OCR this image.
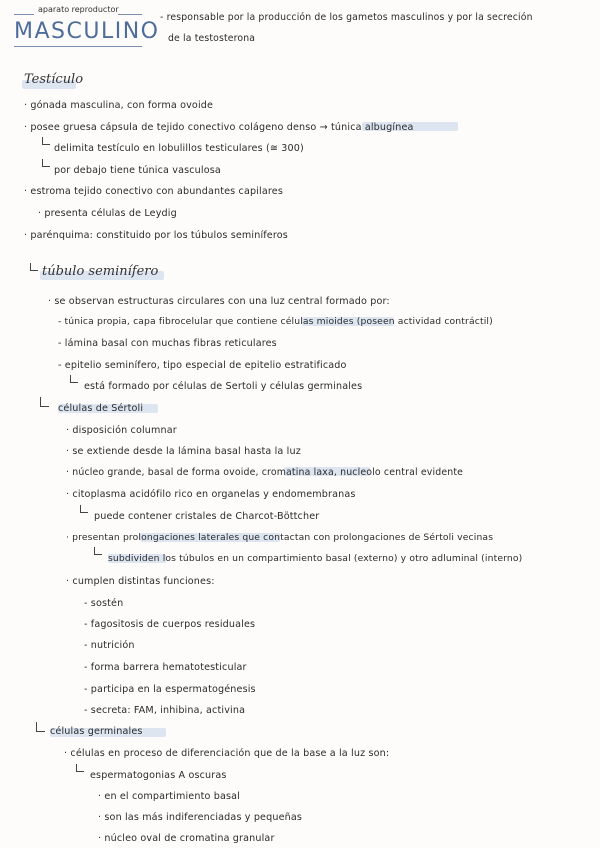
aparato reproductor
MASCULINO
- responsable por la producción de los gametos masculinos y por la secreción
de la testosterona
Testículo
· gónada masculina, con forma ovoide
· posee gruesa cápsula de tejido conectivo colágeno denso → túnica albugínea
delimita testículo en lobulillos testiculares (≅ 300)
por debajo tiene túnica vasculosa
· estroma tejido conectivo con abundantes capilares
· presenta células de Leydig
· parénquima: constituido por los túbulos seminíferos
túbulo seminífero
· se observan estructuras circulares con una luz central formado por:
- túnica propia, capa fibrocelular que contiene células mioides (poseen actividad contráctil)
- lámina basal con muchas fibras reticulares
- epitelio seminífero, tipo especial de epitelio estratificado
está formado por células de Sertoli y células germinales
células de Sértoli
· disposición columnar
· se extiende desde la lámina basal hasta la luz
· núcleo grande, basal de forma ovoide, cromatina laxa, nucleolo central evidente
· citoplasma acidófilo rico en organelas y endomembranas
puede contener cristales de Charcot-Böttcher
· presentan prolongaciones laterales que contactan con prolongaciones de Sértoli vecinas
subdividen los túbulos en un compartimiento basal (externo) y otro adluminal (interno)
· cumplen distintas funciones:
- sostén
- fagositosis de cuerpos residuales
- nutrición
- forma barrera hematotesticular
- participa en la espermatogénesis
- secreta: FAM, inhibina, activina
células germinales
· células en proceso de diferenciación que de la base a la luz son:
espermatogonias A oscuras
· en el compartimiento basal
· son las más indiferenciadas y pequeñas
· núcleo oval de cromatina granular
